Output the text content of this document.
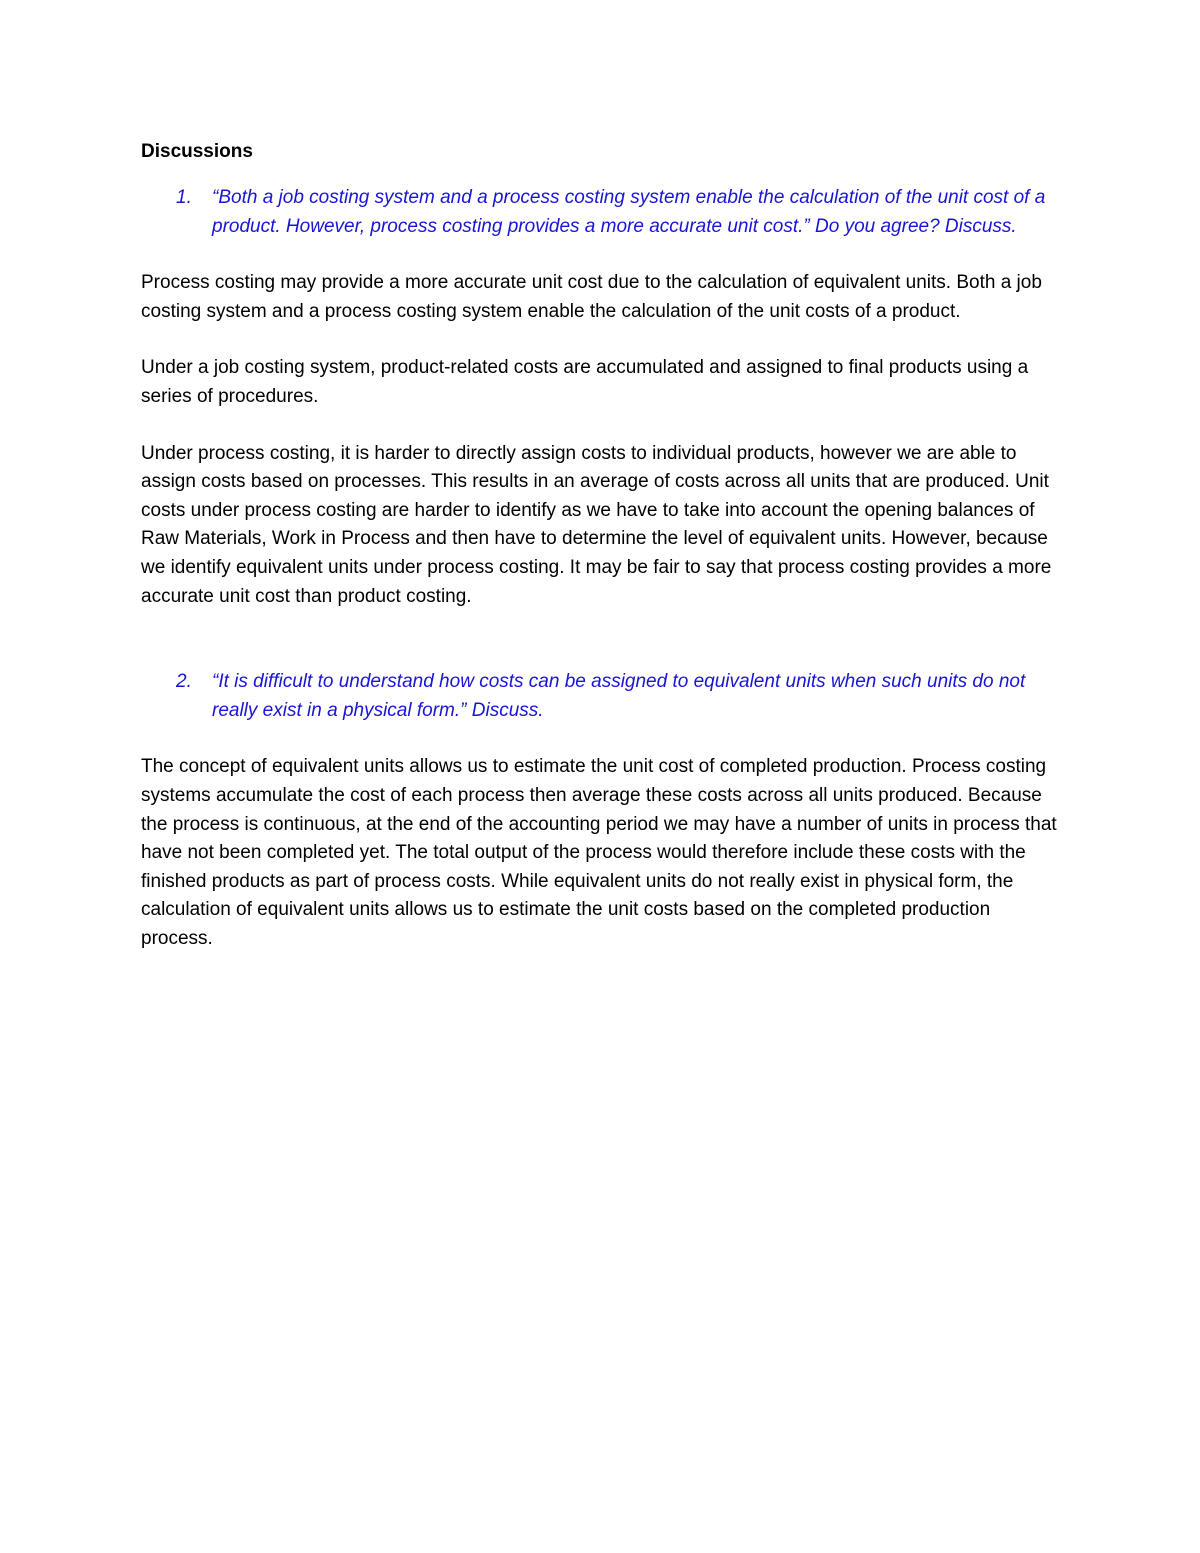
Discussions
1.	“Both a job costing system and a process costing system enable the calculation of the unit cost of a product. However, process costing provides a more accurate unit cost.” Do you agree? Discuss.

Process costing may provide a more accurate unit cost due to the calculation of equivalent units. Both a job costing system and a process costing system enable the calculation of the unit costs of a product.

Under a job costing system, product-related costs are accumulated and assigned to final products using a series of procedures.

Under process costing, it is harder to directly assign costs to individual products, however we are able to assign costs based on processes. This results in an average of costs across all units that are produced. Unit costs under process costing are harder to identify as we have to take into account the opening balances of Raw Materials, Work in Process and then have to determine the level of equivalent units. However, because we identify equivalent units under process costing. It may be fair to say that process costing provides a more accurate unit cost than product costing.

2.	“It is difficult to understand how costs can be assigned to equivalent units when such units do not really exist in a physical form.” Discuss.

The concept of equivalent units allows us to estimate the unit cost of completed production. Process costing systems accumulate the cost of each process then average these costs across all units produced. Because the process is continuous, at the end of the accounting period we may have a number of units in process that have not been completed yet. The total output of the process would therefore include these costs with the finished products as part of process costs. While equivalent units do not really exist in physical form, the calculation of equivalent units allows us to estimate the unit costs based on the completed production process.
